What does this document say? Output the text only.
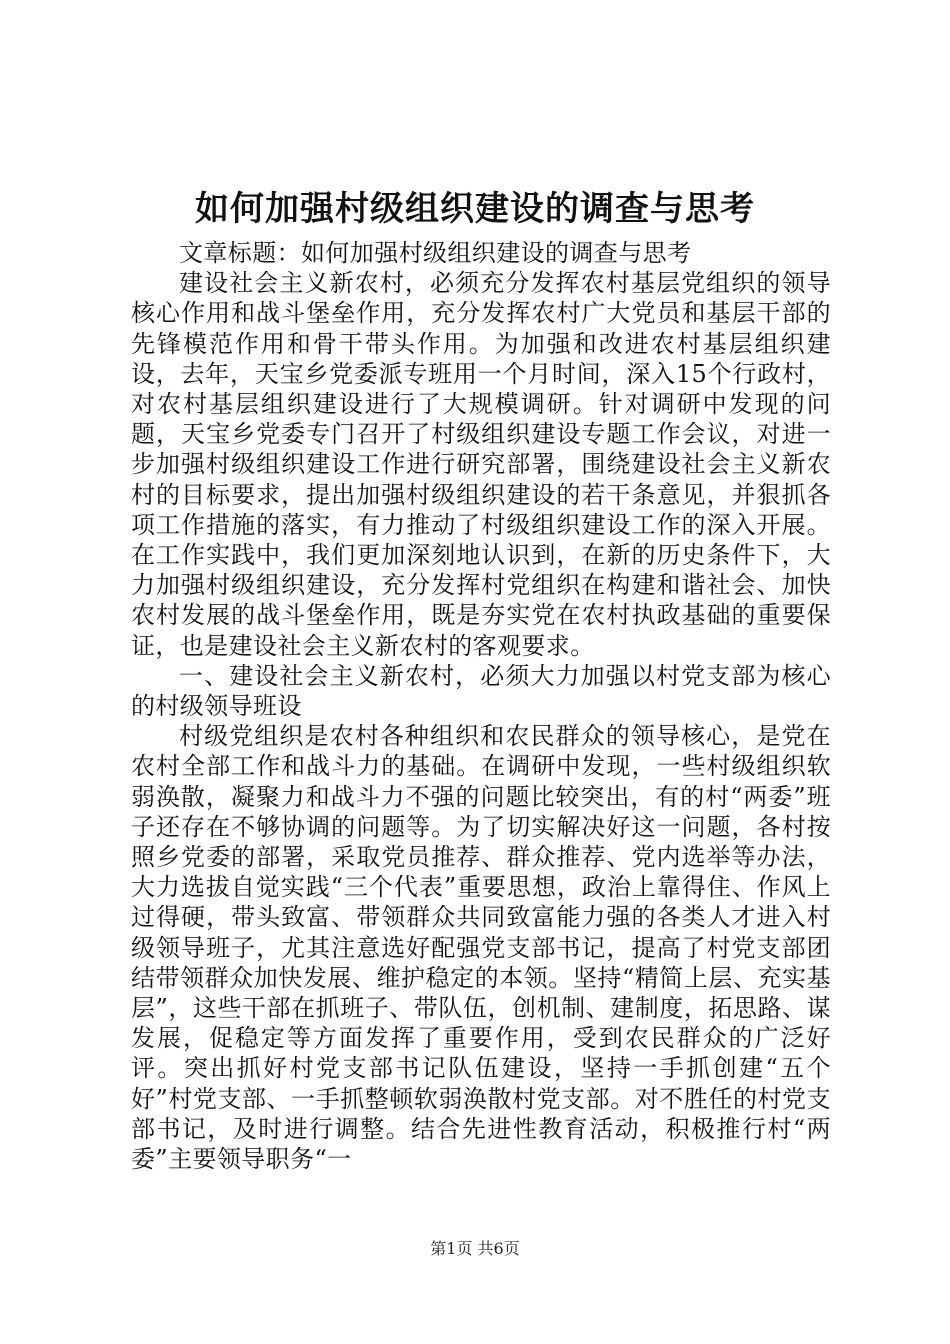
如何加强村级组织建设的调查与思考

文章标题：如何加强村级组织建设的调查与思考

建设社会主义新农村，必须充分发挥农村基层党组织的领导核心作用和战斗堡垒作用，充分发挥农村广大党员和基层干部的先锋模范作用和骨干带头作用。为加强和改进农村基层组织建设，去年，天宝乡党委派专班用一个月时间，深入15个行政村，对农村基层组织建设进行了大规模调研。针对调研中发现的问题，天宝乡党委专门召开了村级组织建设专题工作会议，对进一步加强村级组织建设工作进行研究部署，围绕建设社会主义新农村的目标要求，提出加强村级组织建设的若干条意见，并狠抓各项工作措施的落实，有力推动了村级组织建设工作的深入开展。在工作实践中，我们更加深刻地认识到，在新的历史条件下，大力加强村级组织建设，充分发挥村党组织在构建和谐社会、加快农村发展的战斗堡垒作用，既是夯实党在农村执政基础的重要保证，也是建设社会主义新农村的客观要求。

一、建设社会主义新农村，必须大力加强以村党支部为核心的村级领导班设

村级党组织是农村各种组织和农民群众的领导核心，是党在农村全部工作和战斗力的基础。在调研中发现，一些村级组织软弱涣散，凝聚力和战斗力不强的问题比较突出，有的村“两委”班子还存在不够协调的问题等。为了切实解决好这一问题，各村按照乡党委的部署，采取党员推荐、群众推荐、党内选举等办法，大力选拔自觉实践“三个代表”重要思想，政治上靠得住、作风上过得硬，带头致富、带领群众共同致富能力强的各类人才进入村级领导班子，尤其注意选好配强党支部书记，提高了村党支部团结带领群众加快发展、维护稳定的本领。坚持“精简上层、充实基层”，这些干部在抓班子、带队伍，创机制、建制度，拓思路、谋发展，促稳定等方面发挥了重要作用，受到农民群众的广泛好评。突出抓好村党支部书记队伍建设，坚持一手抓创建“五个好”村党支部、一手抓整顿软弱涣散村党支部。对不胜任的村党支部书记，及时进行调整。结合先进性教育活动，积极推行村“两委”主要领导职务“一

第1页 共6页
